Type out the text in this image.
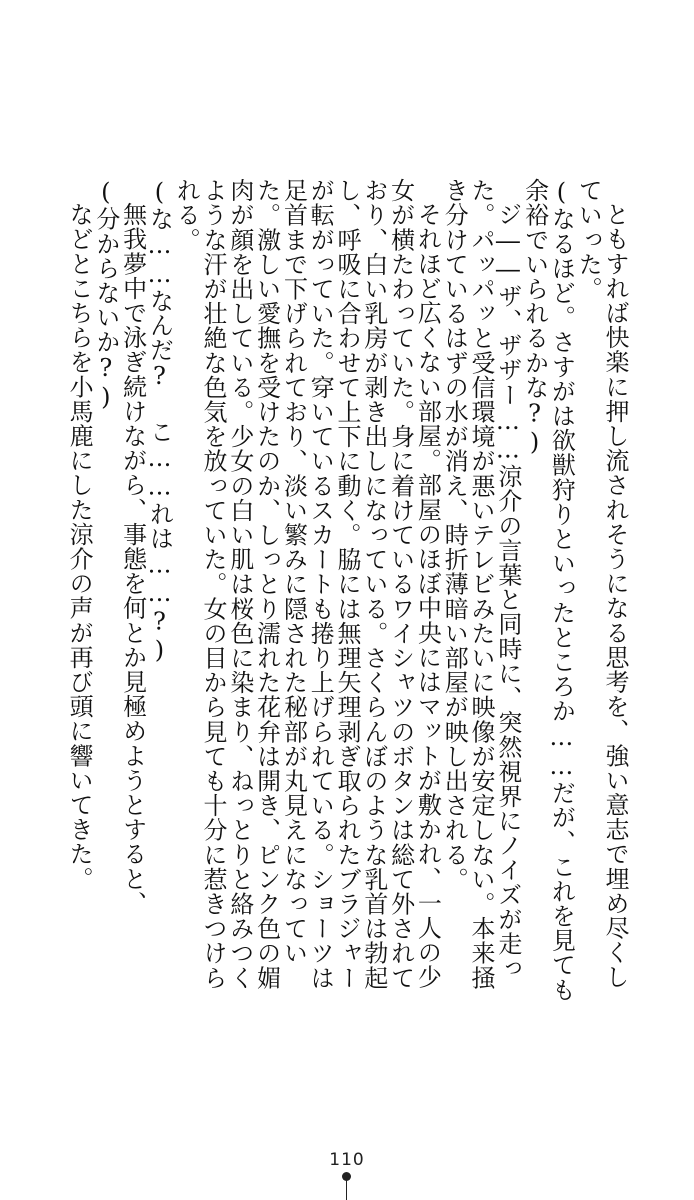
ともすれば快楽に押し流されそうになる思考を、強い意志で埋め尽くしていった。

(なるほど。さすがは欲獣狩りといったところか……だが、これを見ても余裕でいられるかな?)

ジ――ザ、ザザー……涼介の言葉と同時に、突然視界にノイズが走った。パッパッと受信環境が悪いテレビみたいに映像が安定しない。本来掻き分けているはずの水が消え、時折薄暗い部屋が映し出される。

それほど広くない部屋。部屋のほぼ中央にはマットが敷かれ、一人の少女が横たわっていた。身に着けているワイシャツのボタンは総て外されており、白い乳房が剥き出しになっている。さくらんぼのような乳首は勃起し、呼吸に合わせて上下に動く。脇には無理矢理剥ぎ取られたブラジャーが転がっていた。穿いているスカートも捲り上げられている。ショーツは足首まで下げられており、淡い繁みに隠された秘部が丸見えになっていた。激しい愛撫を受けたのか、しっとり濡れた花弁は開き、ピンク色の媚肉が顔を出している。少女の白い肌は桜色に染まり、ねっとりと絡みつくような汗が壮絶な色気を放っていた。女の目から見ても十分に惹きつけられる。

(な……なんだ? こ……れは……?)

無我夢中で泳ぎ続けながら、事態を何とか見極めようとすると、

(分からないか?)

などとこちらを小馬鹿にした涼介の声が再び頭に響いてきた。

110
